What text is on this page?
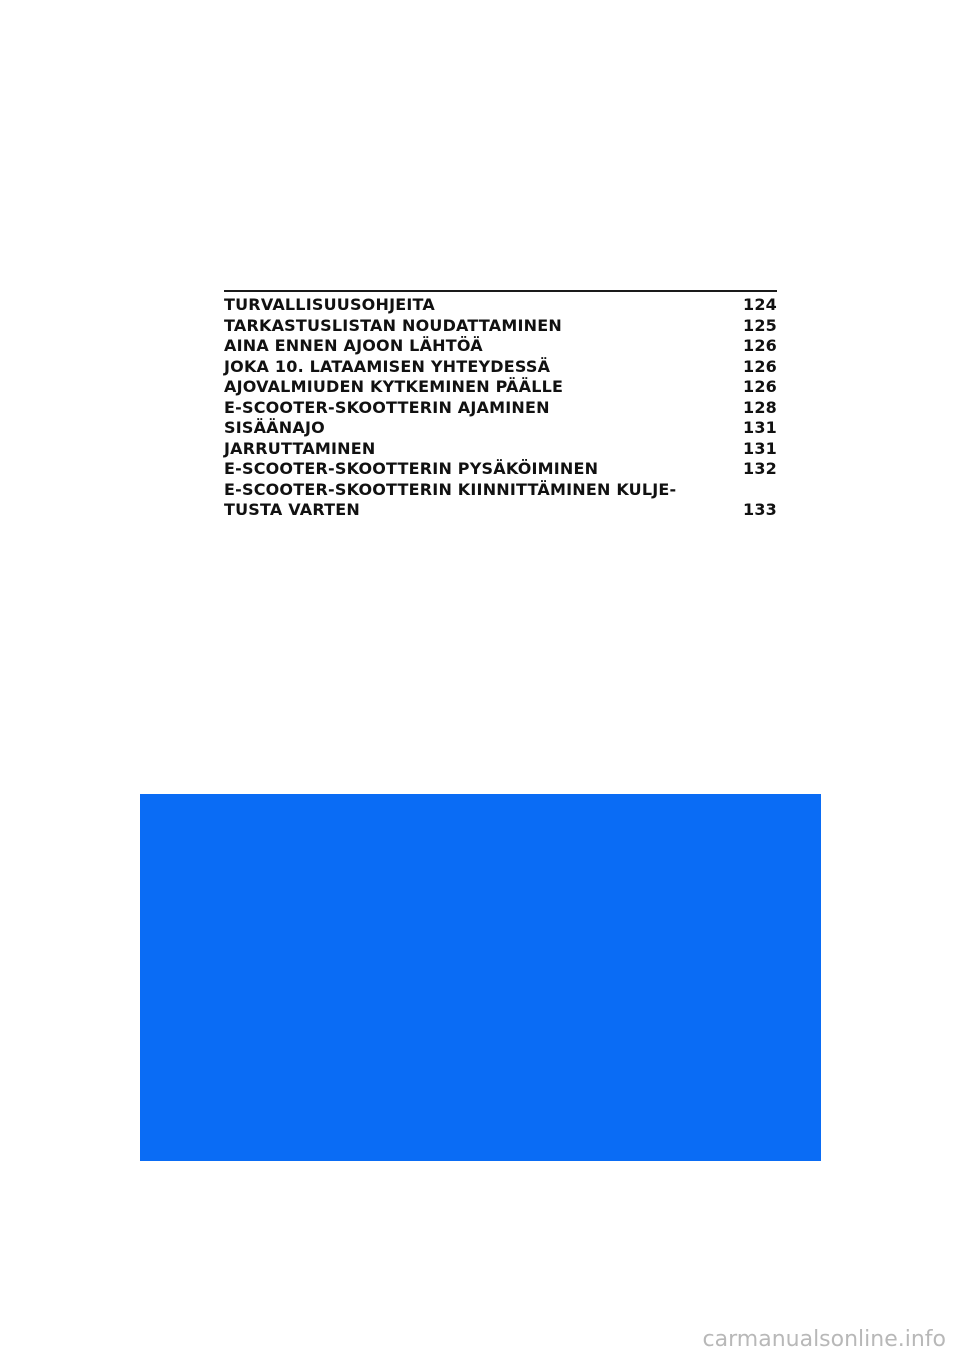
TURVALLISUUSOHJEITA	124
TARKASTUSLISTAN NOUDATTAMINEN	125
AINA ENNEN AJOON LÄHTÖÄ	126
JOKA 10. LATAAMISEN YHTEYDESSÄ	126
AJOVALMIUDEN KYTKEMINEN PÄÄLLE	126
E-SCOOTER-SKOOTTERIN AJAMINEN	128
SISÄÄNAJO	131
JARRUTTAMINEN	131
E-SCOOTER-SKOOTTERIN PYSÄKÖIMINEN	132
E-SCOOTER-SKOOTTERIN KIINNITTÄMINEN KULJE-
TUSTA VARTEN	133
carmanualsonline.info
